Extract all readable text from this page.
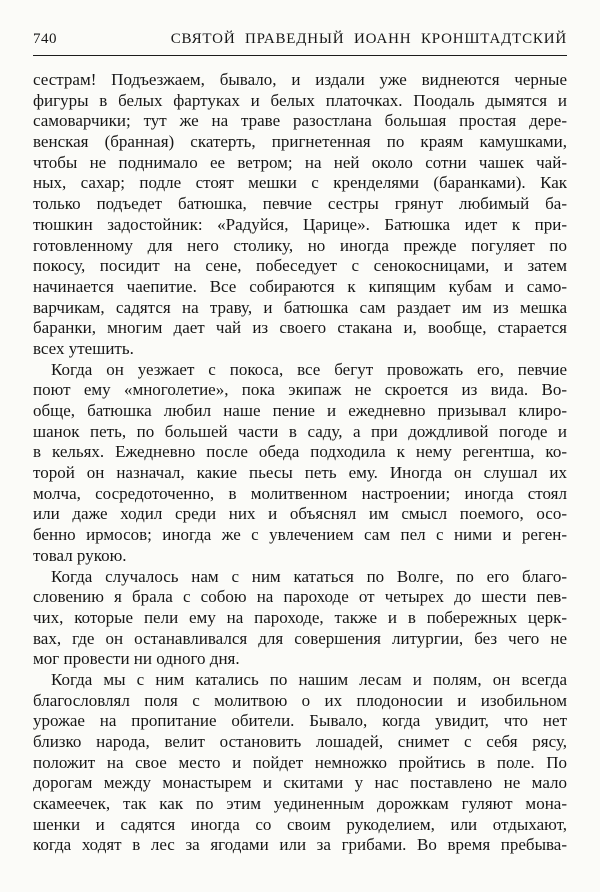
740	СВЯТОЙ ПРАВЕДНЫЙ ИОАНН КРОНШТАДТСКИЙ
сестрам! Подъезжаем, бывало, и издали уже виднеются черные
фигуры в белых фартуках и белых платочках. Поодаль дымятся и
самоварчики; тут же на траве разостлана большая простая дере-
венская (бранная) скатерть, пригнетенная по краям камушками,
чтобы не поднимало ее ветром; на ней около сотни чашек чай-
ных, сахар; подле стоят мешки с кренделями (баранками). Как
только подъедет батюшка, певчие сестры грянут любимый ба-
тюшкин задостойник: «Радуйся, Царице». Батюшка идет к при-
готовленному для него столику, но иногда прежде погуляет по
покосу, посидит на сене, побеседует с сенокосницами, и затем
начинается чаепитие. Все собираются к кипящим кубам и само-
варчикам, садятся на траву, и батюшка сам раздает им из мешка
баранки, многим дает чай из своего стакана и, вообще, старается
всех утешить.
Когда он уезжает с покоса, все бегут провожать его, певчие
поют ему «многолетие», пока экипаж не скроется из вида. Во-
обще, батюшка любил наше пение и ежедневно призывал клиро-
шанок петь, по большей части в саду, а при дождливой погоде и
в кельях. Ежедневно после обеда подходила к нему регентша, ко-
торой он назначал, какие пьесы петь ему. Иногда он слушал их
молча, сосредоточенно, в молитвенном настроении; иногда стоял
или даже ходил среди них и объяснял им смысл поемого, осо-
бенно ирмосов; иногда же с увлечением сам пел с ними и реген-
товал рукою.
Когда случалось нам с ним кататься по Волге, по его благо-
словению я брала с собою на пароходе от четырех до шести пев-
чих, которые пели ему на пароходе, также и в побережных церк-
вах, где он останавливался для совершения литургии, без чего не
мог провести ни одного дня.
Когда мы с ним катались по нашим лесам и полям, он всегда
благословлял поля с молитвою о их плодоносии и изобильном
урожае на пропитание обители. Бывало, когда увидит, что нет
близко народа, велит остановить лошадей, снимет с себя рясу,
положит на свое место и пойдет немножко пройтись в поле. По
дорогам между монастырем и скитами у нас поставлено не мало
скамеечек, так как по этим уединенным дорожкам гуляют мона-
шенки и садятся иногда со своим рукоделием, или отдыхают,
когда ходят в лес за ягодами или за грибами. Во время пребыва-
